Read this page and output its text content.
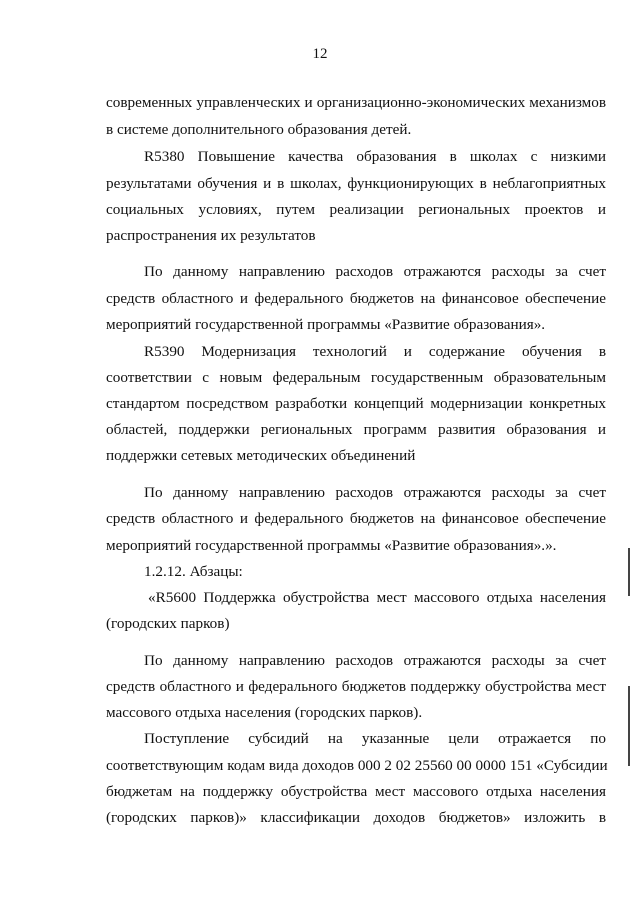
12
современных управленческих и организационно-экономических механизмов
в системе дополнительного образования детей.
R5380 Повышение качества образования в школах с низкими
результатами обучения и в школах, функционирующих в неблагоприятных
социальных условиях, путем реализации региональных проектов и
распространения их результатов
По данному направлению расходов отражаются расходы за счет
средств областного и федерального бюджетов на финансовое обеспечение
мероприятий государственной программы «Развитие образования».
R5390 Модернизация технологий и содержание обучения в
соответствии с новым федеральным государственным образовательным
стандартом посредством разработки концепций модернизации конкретных
областей, поддержки региональных программ развития образования и
поддержки сетевых методических объединений
По данному направлению расходов отражаются расходы за счет
средств областного и федерального бюджетов на финансовое обеспечение
мероприятий государственной программы «Развитие образования».».
1.2.12. Абзацы:
«R5600 Поддержка обустройства мест массового отдыха населения
(городских парков)
По данному направлению расходов отражаются расходы за счет
средств областного и федерального бюджетов поддержку обустройства мест
массового отдыха населения (городских парков).
Поступление субсидий на указанные цели отражается по
соответствующим кодам вида доходов 000 2 02 25560 00 0000 151 «Субсидии
бюджетам на поддержку обустройства мест массового отдыха населения
(городских парков)» классификации доходов бюджетов» изложить в
